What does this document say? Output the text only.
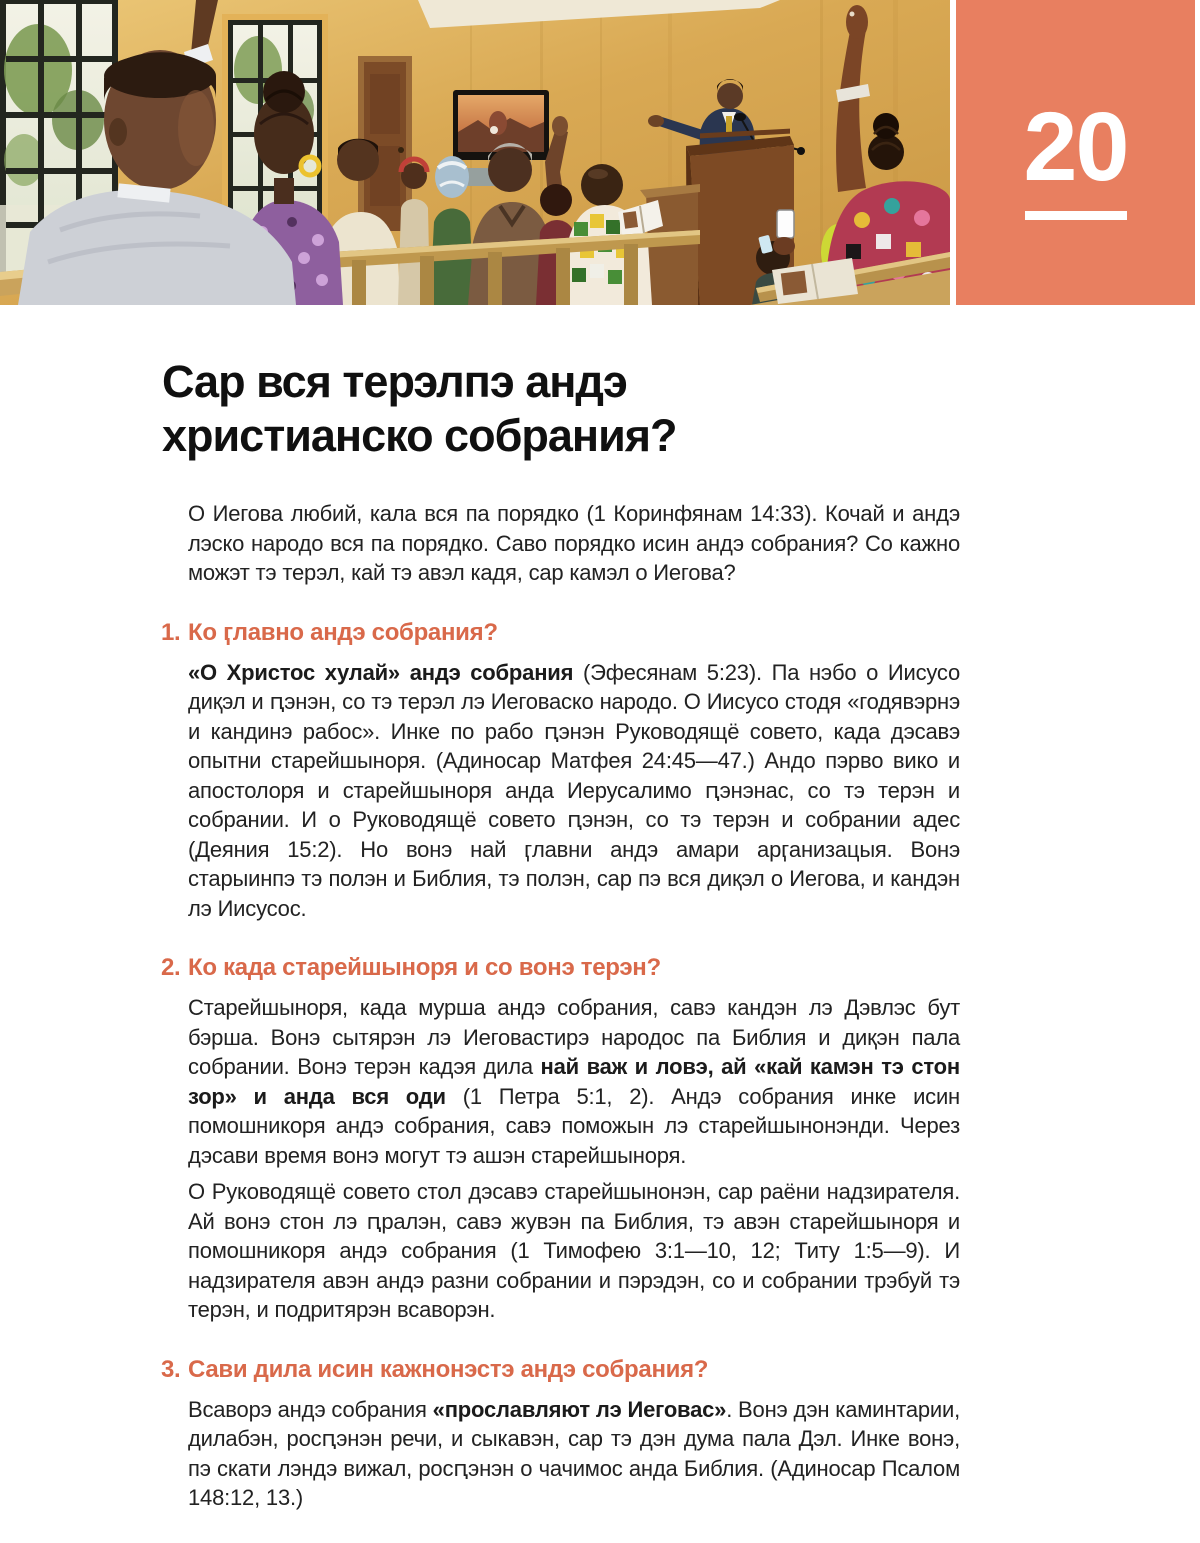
20
Сар вся терэлпэ андэ христианско собрания?

О Иегова любий, кала вся па порядко (1 Коринфянам 14:33). Кочай и андэ лэско народо вся па порядко. Саво порядко исин андэ собрания? Со кажно можэт тэ терэл, кай тэ авэл кадя, сар камэл о Иегова?

1. Ко ӷлавно андэ собрания?

«О Христос хулай» андэ собрания (Эфесянам 5:23). Па нэбо о Иисусо диқэл и ԥэнэн, со тэ терэл лэ Иеговаско народо. О Иисусо стодя «годявэрнэ и кандинэ рабос». Инке по рабо ԥэнэн Руководящё совето, када дэсавэ опытни старейшыноря. (Адиносар Матфея 24:45—47.) Андо пэрво вико и апостолоря и старейшыноря анда Иерусалимо ԥэнэнас, со тэ терэн и собрании. И о Руководящё совето ԥэнэн, со тэ терэн и собрании адес (Деяния 15:2). Но вонэ най ӷлавни андэ амари арӷанизацыя. Вонэ старыинпэ тэ полэн и Библия, тэ полэн, сар пэ вся диқэл о Иегова, и кандэн лэ Иисусос.

2. Ко када старейшыноря и со вонэ терэн?

Старейшыноря, када мурша андэ собрания, савэ кандэн лэ Дэвлэс бут бэрша. Вонэ сытярэн лэ Иеговастирэ народос па Библия и диқэн пала собрании. Вонэ терэн кадэя дила най важ и ловэ, ай «кай камэн тэ стон зор» и анда вся оди (1 Петра 5:1, 2). Андэ собрания инке исин помошникоря андэ собрания, савэ поможын лэ старейшынонэнди. Через дэсави время вонэ могут тэ ашэн старейшыноря.

О Руководящё совето стол дэсавэ старейшынонэн, сар раёни надзирателя. Ай вонэ стон лэ ԥралэн, савэ жувэн па Библия, тэ авэн старейшыноря и помошникоря андэ собрания (1 Тимофею 3:1—10, 12; Титу 1:5—9). И надзирателя авэн андэ разни собрании и пэрэдэн, со и собрании трэбуй тэ терэн, и подритярэн всаворэн.

3. Сави дила исин кажнонэстэ андэ собрания?

Всаворэ андэ собрания «прославляют лэ Иеговас». Вонэ дэн каминтарии, дилабэн, росԥэнэн речи, и сыкавэн, сар тэ дэн дума пала Дэл. Инке вонэ, пэ скати лэндэ вижал, росԥэнэн о чачимос анда Библия. (Адиносар Псалом 148:12, 13.)
